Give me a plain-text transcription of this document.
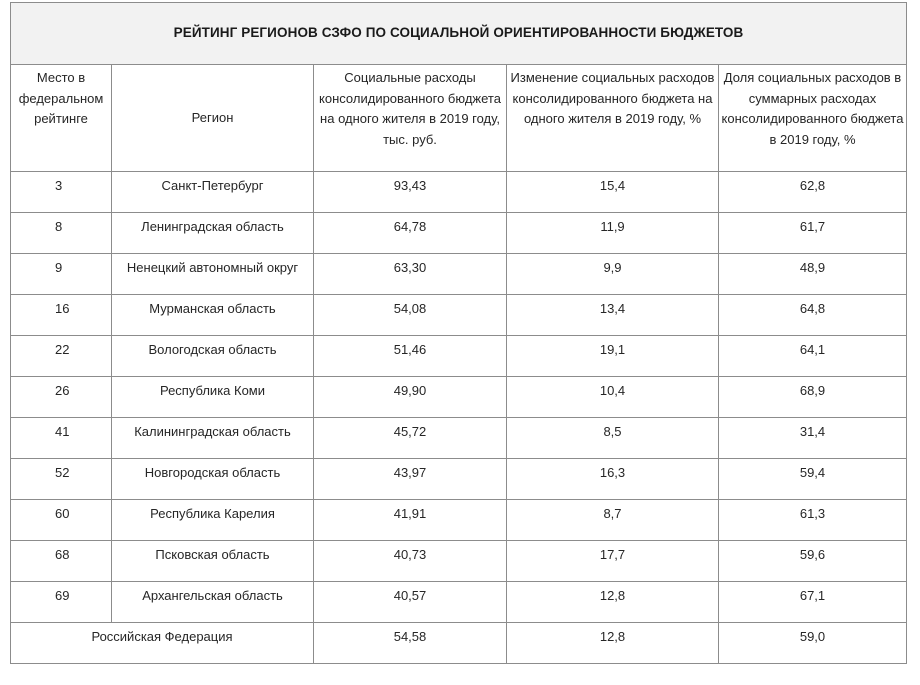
РЕЙТИНГ РЕГИОНОВ СЗФО ПО СОЦИАЛЬНОЙ ОРИЕНТИРОВАННОСТИ БЮДЖЕТОВ				
Место в федеральном рейтинге	Регион	Социальные расходы консолидированного бюджета на одного жителя в 2019 году, тыс. руб.	Изменение социальных расходов консолидированного бюджета на одного жителя в 2019 году, %	Доля социальных расходов в суммарных расходах консолидированного бюджета в 2019 году, %
3	Санкт-Петербург	93,43	15,4	62,8
8	Ленинградская область	64,78	11,9	61,7
9	Ненецкий автономный округ	63,30	9,9	48,9
16	Мурманская область	54,08	13,4	64,8
22	Вологодская область	51,46	19,1	64,1
26	Республика Коми	49,90	10,4	68,9
41	Калининградская область	45,72	8,5	31,4
52	Новгородская область	43,97	16,3	59,4
60	Республика Карелия	41,91	8,7	61,3
68	Псковская область	40,73	17,7	59,6
69	Архангельская область	40,57	12,8	67,1
Российская Федерация		54,58	12,8	59,0
